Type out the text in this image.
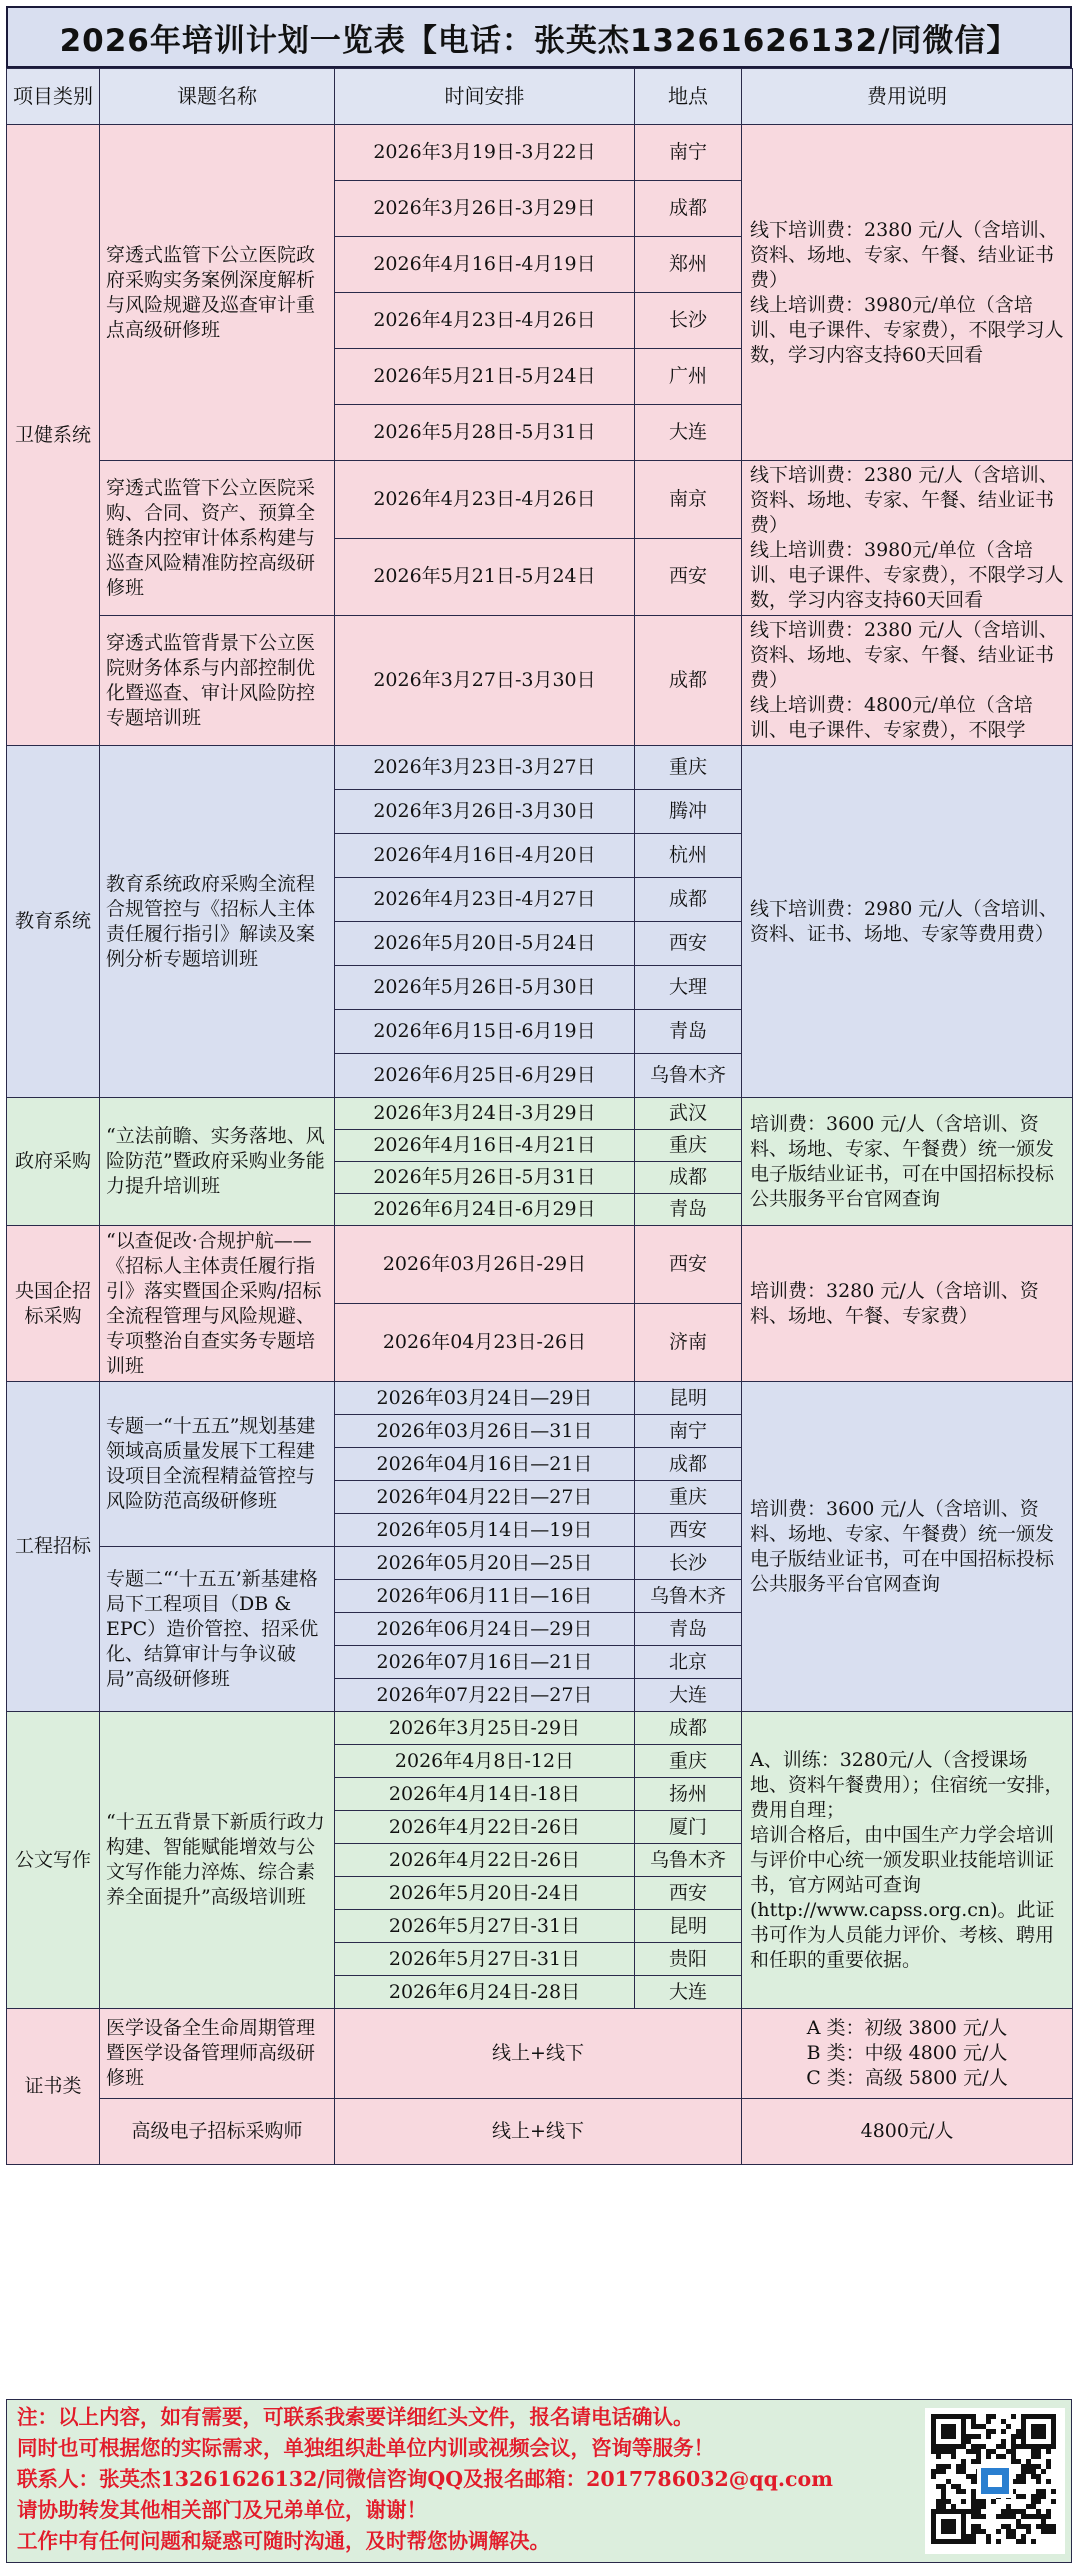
2026年培训计划一览表【电话：张英杰13261626132/同微信】
项目类别	课题名称	时间安排	地点	费用说明
卫健系统	穿透式监管下公立医院政府采购实务案例深度解析与风险规避及巡查审计重点高级研修班	2026年3月19日-3月22日	南宁	线下培训费：2380 元/人（含培训、资料、场地、专家、午餐、结业证书费）
线上培训费：3980元/单位（含培训、电子课件、专家费），不限学习人数，学习内容支持60天回看
		2026年3月26日-3月29日	成都	
		2026年4月16日-4月19日	郑州	
		2026年4月23日-4月26日	长沙	
		2026年5月21日-5月24日	广州	
		2026年5月28日-5月31日	大连	
	穿透式监管下公立医院采购、合同、资产、预算全链条内控审计体系构建与巡查风险精准防控高级研修班	2026年4月23日-4月26日	南京	线下培训费：2380 元/人（含培训、资料、场地、专家、午餐、结业证书费）
线上培训费：3980元/单位（含培训、电子课件、专家费），不限学习人数，学习内容支持60天回看
		2026年5月21日-5月24日	西安	
	穿透式监管背景下公立医院财务体系与内部控制优化暨巡查、审计风险防控专题培训班	2026年3月27日-3月30日	成都	线下培训费：2380 元/人（含培训、资料、场地、专家、午餐、结业证书费）
线上培训费：4800元/单位（含培训、电子课件、专家费），不限学
教育系统	教育系统政府采购全流程合规管控与《招标人主体责任履行指引》解读及案例分析专题培训班	2026年3月23日-3月27日	重庆	线下培训费：2980 元/人（含培训、资料、证书、场地、专家等费用费）
		2026年3月26日-3月30日	腾冲	
		2026年4月16日-4月20日	杭州	
		2026年4月23日-4月27日	成都	
		2026年5月20日-5月24日	西安	
		2026年5月26日-5月30日	大理	
		2026年6月15日-6月19日	青岛	
		2026年6月25日-6月29日	乌鲁木齐	
政府采购	“立法前瞻、实务落地、风险防范”暨政府采购业务能力提升培训班	2026年3月24日-3月29日	武汉	培训费：3600 元/人（含培训、资料、场地、专家、午餐费）统一颁发电子版结业证书，可在中国招标投标公共服务平台官网查询
		2026年4月16日-4月21日	重庆	
		2026年5月26日-5月31日	成都	
		2026年6月24日-6月29日	青岛	
央国企招标采购	“以查促改·合规护航——《招标人主体责任履行指引》落实暨国企采购/招标全流程管理与风险规避、专项整治自查实务专题培训班	2026年03月26日-29日	西安	培训费：3280 元/人（含培训、资料、场地、午餐、专家费）
		2026年04月23日-26日	济南	
工程招标	专题一“十五五”规划基建领域高质量发展下工程建设项目全流程精益管控与风险防范高级研修班	2026年03月24日—29日	昆明	培训费：3600 元/人（含培训、资料、场地、专家、午餐费）统一颁发电子版结业证书，可在中国招标投标公共服务平台官网查询
		2026年03月26日—31日	南宁	
		2026年04月16日—21日	成都	
		2026年04月22日—27日	重庆	
		2026年05月14日—19日	西安	
	专题二“‘十五五’新基建格局下工程项目（DB & EPC）造价管控、招采优化、结算审计与争议破局”高级研修班	2026年05月20日—25日	长沙	
		2026年06月11日—16日	乌鲁木齐	
		2026年06月24日—29日	青岛	
		2026年07月16日—21日	北京	
		2026年07月22日—27日	大连	
公文写作	“十五五背景下新质行政力构建、智能赋能增效与公文写作能力淬炼、综合素养全面提升”高级培训班	2026年3月25日-29日	成都	A、训练：3280元/人（含授课场地、资料午餐费用）；住宿统一安排，费用自理；
培训合格后，由中国生产力学会培训与评价中心统一颁发职业技能培训证书，官方网站可查询(http://www.capss.org.cn)。此证书可作为人员能力评价、考核、聘用和任职的重要依据。
		2026年4月8日-12日	重庆	
		2026年4月14日-18日	扬州	
		2026年4月22日-26日	厦门	
		2026年4月22日-26日	乌鲁木齐	
		2026年5月20日-24日	西安	
		2026年5月27日-31日	昆明	
		2026年5月27日-31日	贵阳	
		2026年6月24日-28日	大连	
证书类	医学设备全生命周期管理暨医学设备管理师高级研修班	线上+线下		A 类：初级 3800 元/人
B 类：中级 4800 元/人
C 类：高级 5800 元/人
	高级电子招标采购师	线上+线下		4800元/人
注：以上内容，如有需要，可联系我索要详细红头文件，报名请电话确认。
同时也可根据您的实际需求，单独组织赴单位内训或视频会议，咨询等服务！
联系人：张英杰13261626132/同微信咨询QQ及报名邮箱：2017786032@qq.com
请协助转发其他相关部门及兄弟单位，谢谢！
工作中有任何问题和疑惑可随时沟通，及时帮您协调解决。
